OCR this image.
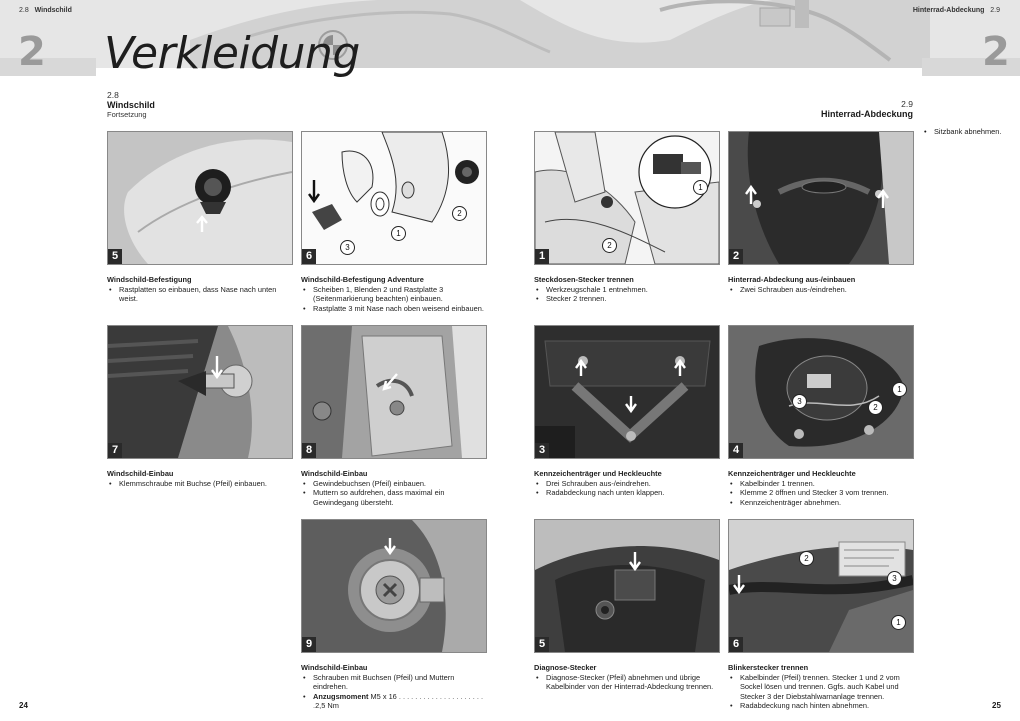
2	2
Verkleidung
2.8 Windschild	Hinterrad-Abdeckung 2.9
2.8
Windschild
Fortsetzung
2.9
Hinterrad-Abdeckung
• Sitzbank abnehmen.
5
Windschild-Befestigung
• Rastplatten so einbauen, dass Nase nach unten weist.
1
2
3
6
Windschild-Befestigung Adventure
• Scheiben 1, Blenden 2 und Rastplatte 3 (Seitenmarkierung beachten) einbauen.
• Rastplatte 3 mit Nase nach oben weisend einbauen.
7
Windschild-Einbau
• Klemmschraube mit Buchse (Pfeil) einbauen.
8
Windschild-Einbau
• Gewindebuchsen (Pfeil) einbauen.
• Muttern so aufdrehen, dass maximal ein Gewindegang übersteht.
9
Windschild-Einbau
• Schrauben mit Buchsen (Pfeil) und Muttern eindrehen.
• Anzugsmoment M5 x 16 . . . . . . . . . . . . . . . . . . . . . .2,5 Nm
1
2
1
Steckdosen-Stecker trennen
• Werkzeugschale 1 entnehmen.
• Stecker 2 trennen.
2
Hinterrad-Abdeckung aus-/einbauen
• Zwei Schrauben aus-/eindrehen.
3
Kennzeichenträger und Heckleuchte
• Drei Schrauben aus-/eindrehen.
• Radabdeckung nach unten klappen.
1
2
3
4
Kennzeichenträger und Heckleuchte
• Kabelbinder 1 trennen.
• Klemme 2 öffnen und Stecker 3 vom trennen.
• Kennzeichenträger abnehmen.
5
Diagnose-Stecker
• Diagnose-Stecker (Pfeil) abnehmen und übrige Kabelbinder von der Hinterrad-Abdeckung trennen.
1
2
3
6
Blinkerstecker trennen
• Kabelbinder (Pfeil) trennen. Stecker 1 und 2 vom Sockel lösen und trennen. Ggfs. auch Kabel und Stecker 3 der Diebstahlwarnanlage trennen.
• Radabdeckung nach hinten abnehmen.
24	25
